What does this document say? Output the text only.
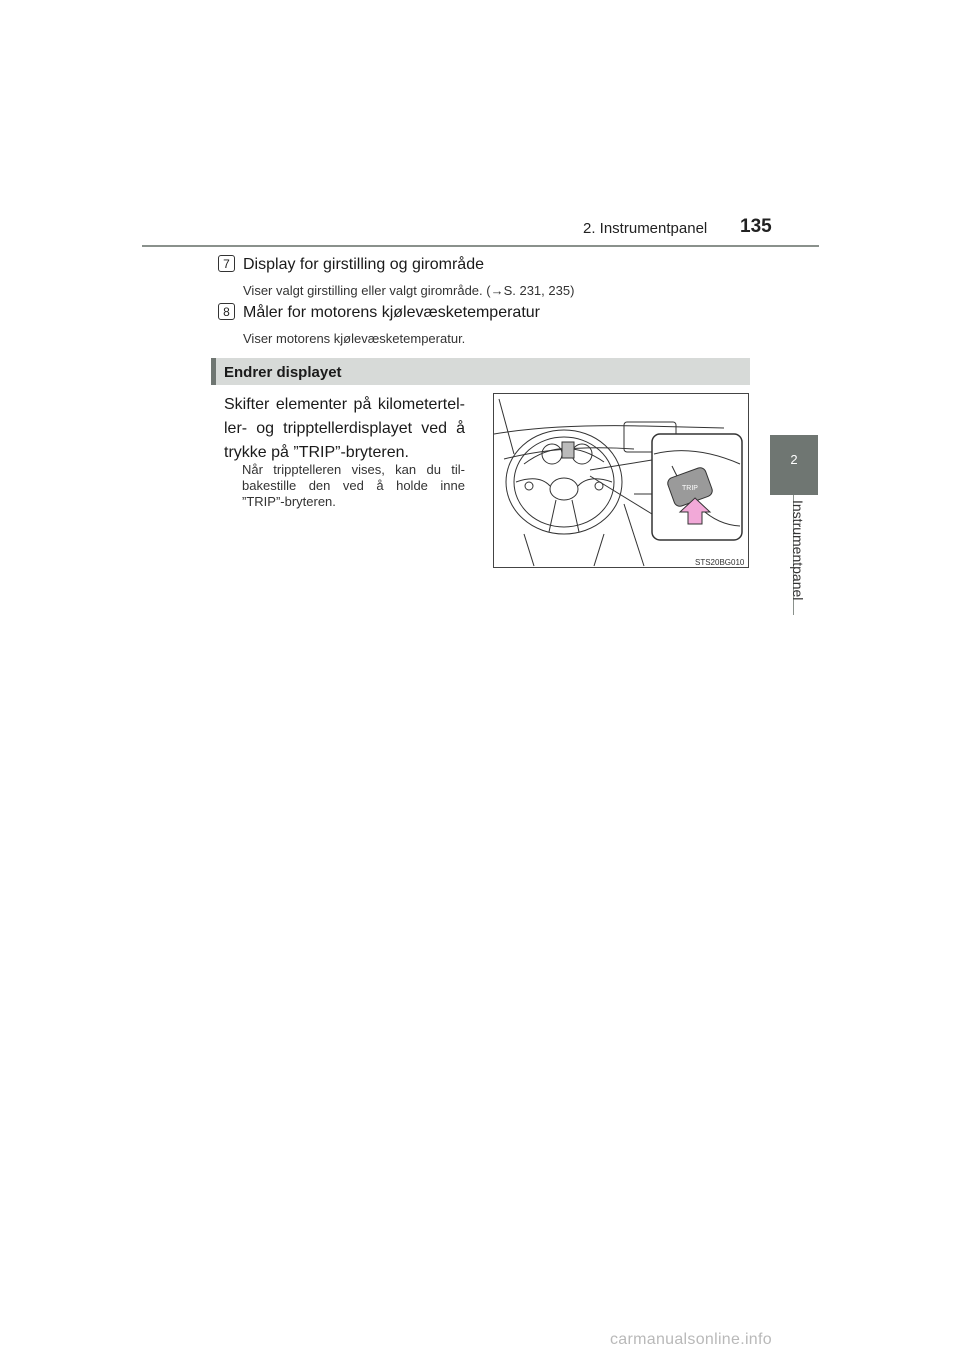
2. Instrumentpanel 135
2
Instrumentpanel
7 Display for girstilling og girområde
Viser valgt girstilling eller valgt girområde. (→S. 231, 235)
8 Måler for motorens kjølevæsketemperatur
Viser motorens kjølevæsketemperatur.
Endrer displayet
Skifter elementer på kilometertel-ler- og tripptellerdisplayet ved å trykke på ”TRIP”-bryteren.
Når tripptelleren vises, kan du til-bakestille den ved å holde inne ”TRIP”-bryteren.
TRIP
STS20BG010
carmanualsonline.info
